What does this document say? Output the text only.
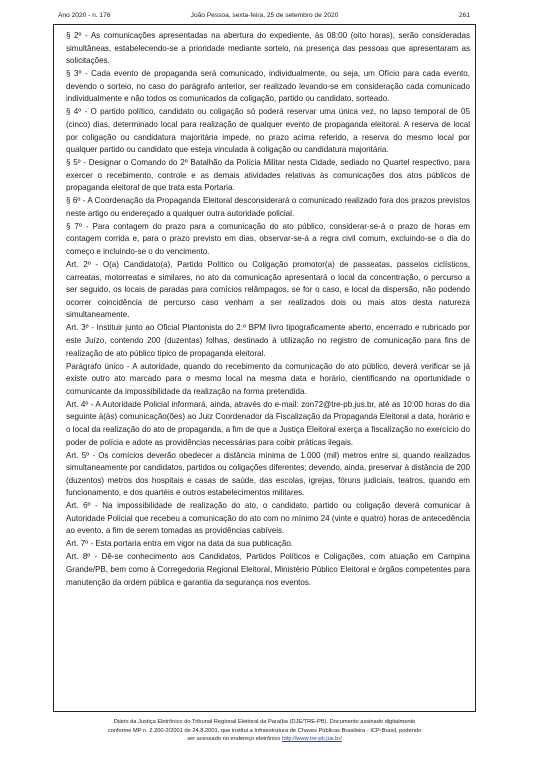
Ano 2020 - n. 176	João Pessoa, sexta-feira, 25 de setembro de 2020	261

§ 2º - As comunicações apresentadas na abertura do expediente, às 08:00 (oito horas), serão consideradas simultâneas, estabelecendo-se a prioridade mediante sorteio, na presença das pessoas que apresentaram as solicitações.

§ 3º - Cada evento de propaganda será comunicado, individualmente, ou seja, um Ofício para cada evento, devendo o sorteio, no caso do parágrafo anterior, ser realizado levando-se em consideração cada comunicado individualmente e não todos os comunicados da coligação, partido ou candidato, sorteado.

§ 4º - O partido político, candidato ou coligação só poderá reservar uma única vez, no lapso temporal de 05 (cinco) dias, determinado local para realização de qualquer evento de propaganda eleitoral. A reserva de local por coligação ou candidatura majoritária impede, no prazo acima referido, a reserva do mesmo local por qualquer partido ou candidato que esteja vinculada à coligação ou candidatura majoritária.

§ 5º - Designar o Comando do 2º Batalhão da Polícia Militar nesta Cidade, sediado no Quartel respectivo, para exercer o recebimento, controle e as demais atividades relativas às comunicações dos atos públicos de propaganda eleitoral de que trata esta Portaria.

§ 6º - A Coordenação da Propaganda Eleitoral desconsiderará o comunicado realizado fora dos prazos previstos neste artigo ou endereçado a qualquer outra autoridade policial.

§ 7º - Para contagem do prazo para a comunicação do ato público, considerar-se-á o prazo de horas em contagem corrida e, para o prazo previsto em dias, observar-se-á a regra civil comum, excluindo-se o dia do começo e incluindo-se o do vencimento.

Art. 2º - O(a) Candidato(a), Partido Político ou Coligação promotor(a) de passeatas, passeios ciclísticos, carreatas, motorreatas e similares, no ato da comunicação apresentará o local da concentração, o percurso a ser seguido, os locais de paradas para comícios relâmpagos, se for o caso, e local da dispersão, não podendo ocorrer coincidência de percurso caso venham a ser realizados dois ou mais atos desta natureza simultaneamente.

Art. 3º - Instituir junto ao Oficial Plantonista do 2.º BPM livro tipograficamente aberto, encerrado e rubricado por este Juízo, contendo 200 (duzentas) folhas, destinado à utilização no registro de comunicação para fins de realização de ato público típico de propaganda eleitoral.

Parágrafo único - A autoridade, quando do recebimento da comunicação do ato público, deverá verificar se já existe outro ato marcado para o mesmo local na mesma data e horário, cientificando na oportunidade o comunicante da impossibilidade da realização na forma pretendida.

Art. 4º - A Autoridade Policial informará, ainda, através do e-mail: zon72@tre-pb.jus.br, até as 10:00 horas do dia seguinte à(às) comunicação(ões) ao Juiz Coordenador da Fiscalização da Propaganda Eleitoral a data, horário e o local da realização do ato de propaganda, a fim de que a Justiça Eleitoral exerça a fiscalização no exercício do poder de polícia e adote as providências necessárias para coibir práticas ilegais.

Art. 5º - Os comícios deverão obedecer a distância mínima de 1.000 (mil) metros entre si, quando realizados simultaneamente por candidatos, partidos ou coligações diferentes; devendo, ainda, preservar à distância de 200 (duzentos) metros dos hospitais e casas de saúde, das escolas, igrejas, fóruns judiciais, teatros, quando em funcionamento, e dos quartéis e outros estabelecimentos militares.

Art. 6º - Na impossibilidade de realização do ato, o candidato, partido ou coligação deverá comunicar à Autoridade Policial que recebeu a comunicação do ato com no mínimo 24 (vinte e quatro) horas de antecedência ao evento, a fim de serem tomadas as providências cabíveis.

Art. 7º - Esta portaria entra em vigor na data da sua publicação.

Art. 8º - Dê-se conhecimento aos Candidatos, Partidos Políticos e Coligações, com atuação em Campina Grande/PB, bem como à Corregedoria Regional Eleitoral, Ministério Público Eleitoral e órgãos competentes para manutenção da ordem pública e garantia da segurança nos eventos.

Diário da Justiça Eletrônico do Tribunal Regional Eleitoral da Paraíba (DJE/TRE-PB). Documento assinado digitalmente
conforme MP n. 2.200-2/2001 de 24.8.2001, que institui a Infraestrutura de Chaves Públicas Brasileira - ICP-Brasil, podendo
ser acessado no endereço eletrônico http://www.tre-pb.jus.br/
